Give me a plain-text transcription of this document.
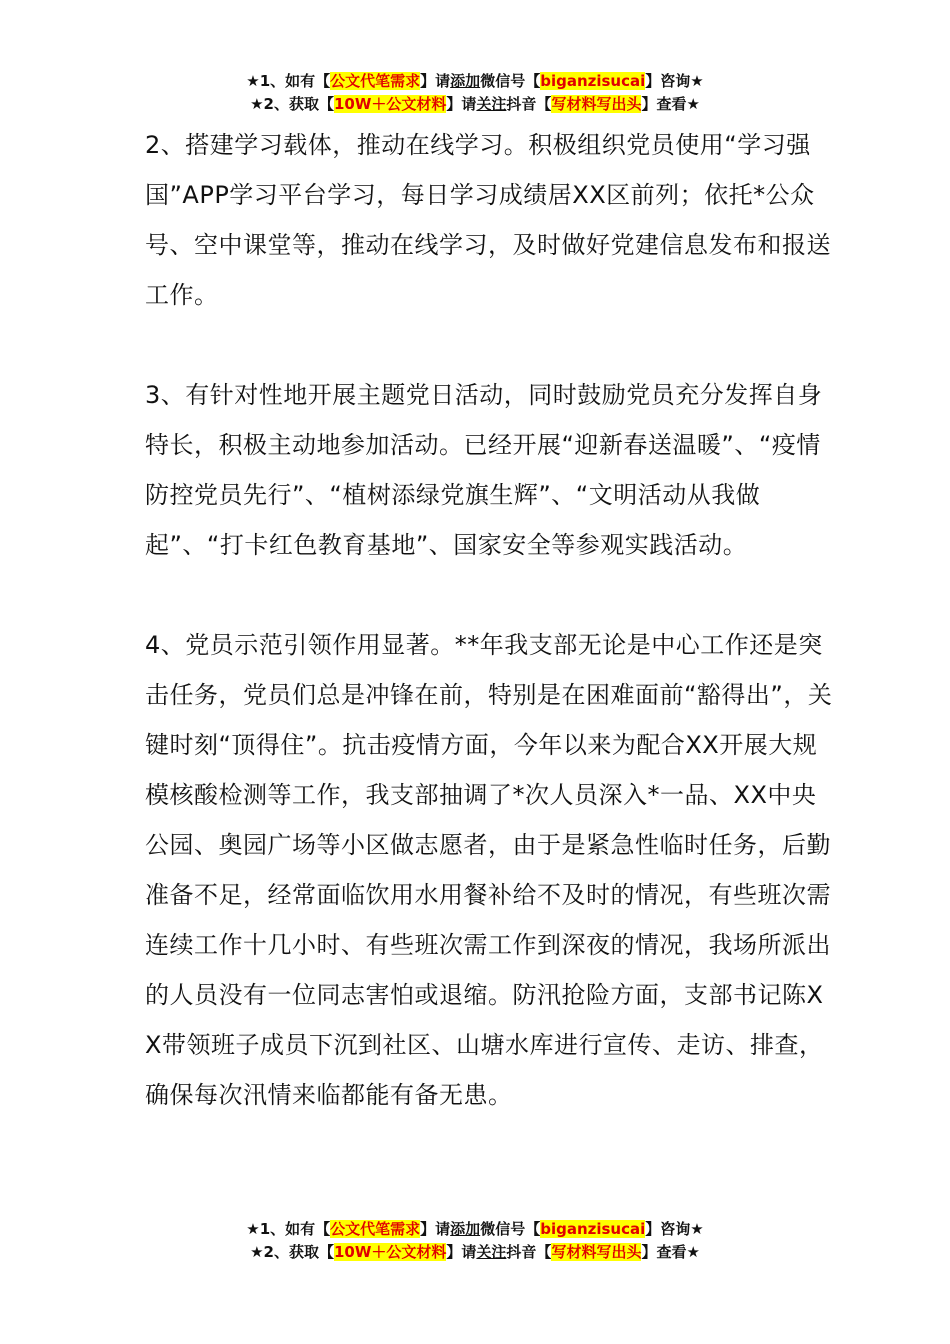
★1、如有【公文代笔需求】请添加微信号【biganzisucai】咨询★
★2、获取【10W＋公文材料】请关注抖音【写材料写出头】查看★

2、搭建学习载体，推动在线学习。积极组织党员使用“学习强国”APP学习平台学习，每日学习成绩居XX区前列；依托*公众号、空中课堂等，推动在线学习，及时做好党建信息发布和报送工作。

3、有针对性地开展主题党日活动，同时鼓励党员充分发挥自身特长，积极主动地参加活动。已经开展“迎新春送温暖”、“疫情防控党员先行”、“植树添绿党旗生辉”、“文明活动从我做起”、“打卡红色教育基地”、国家安全等参观实践活动。

4、党员示范引领作用显著。**年我支部无论是中心工作还是突击任务，党员们总是冲锋在前，特别是在困难面前“豁得出”，关键时刻“顶得住”。抗击疫情方面，今年以来为配合XX开展大规模核酸检测等工作，我支部抽调了*次人员深入*一品、XX中央公园、奥园广场等小区做志愿者，由于是紧急性临时任务，后勤准备不足，经常面临饮用水用餐补给不及时的情况，有些班次需连续工作十几小时、有些班次需工作到深夜的情况，我场所派出的人员没有一位同志害怕或退缩。防汛抢险方面，支部书记陈XX带领班子成员下沉到社区、山塘水库进行宣传、走访、排查，确保每次汛情来临都能有备无患。

★1、如有【公文代笔需求】请添加微信号【biganzisucai】咨询★
★2、获取【10W＋公文材料】请关注抖音【写材料写出头】查看★
